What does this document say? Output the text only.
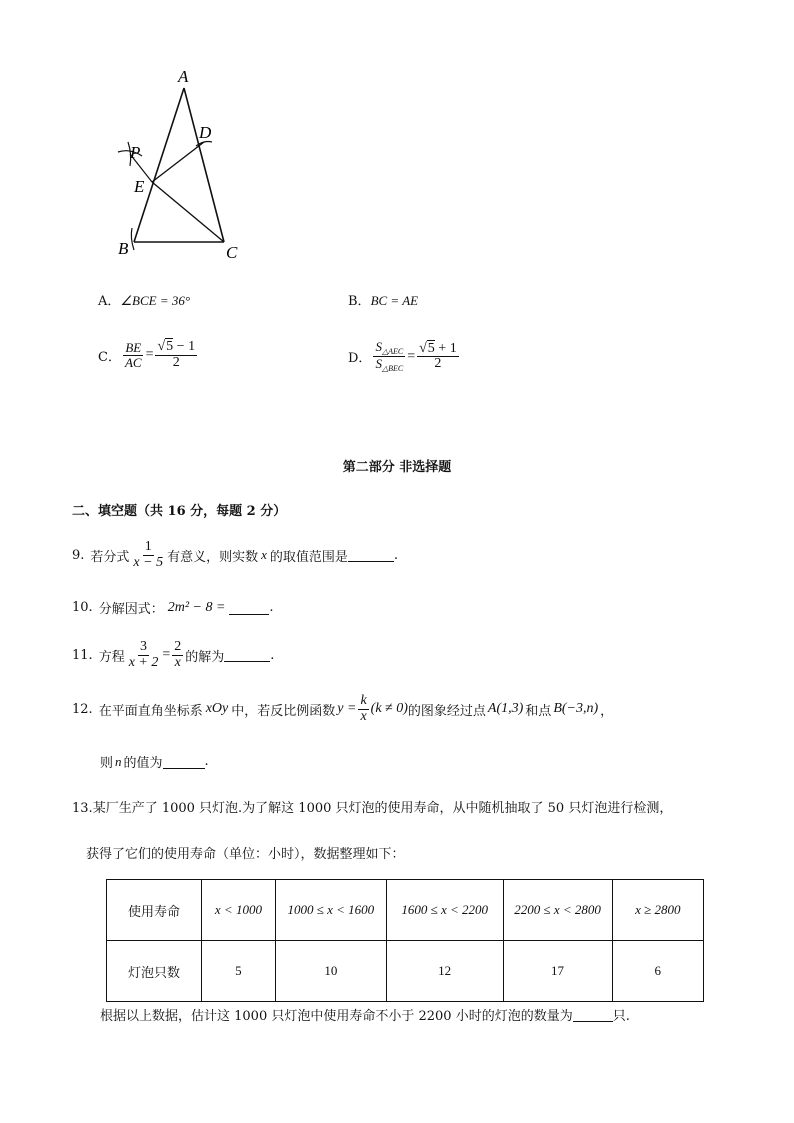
A
B	C
D
E
P
A．∠BCE = 36°	B．BC = AE
C． $\frac{BE}{AC} = \frac{√5 - 1}{2}$	D． $\frac{S_{\triangle AEC}}{S_{\triangle BEC}} = \frac{√5 + 1}{2}$
第二部分 非选择题
二、填空题（共 16 分，每题 2 分）
9. 若分式 $\frac{1}{x - 5}$ 有意义，则实数 x 的取值范围是	.
10. 分解因式： 2m² − 8 =	.
11. 方程 $\frac{3}{x + 2} = \frac{2}{x}$ 的解为	.
12. 在平面直角坐标系 xOy 中，若反比例函数 $y = \frac{k}{x} (k \ne 0)$ 的图象经过点 A(1,3) 和点 B(−3,n) ，
则 n 的值为	.
13.某厂生产了 1000 只灯泡.为了解这 1000 只灯泡的使用寿命，从中随机抽取了 50 只灯泡进行检测，
获得了它们的使用寿命（单位：小时），数据整理如下：
使用寿命	x < 1000	1000 ≤ x < 1600	1600 ≤ x < 2200	2200 ≤ x < 2800	x ≥ 2800
灯泡只数	5	10	12	17	6
根据以上数据，估计这 1000 只灯泡中使用寿命不小于 2200 小时的灯泡的数量为	只.
